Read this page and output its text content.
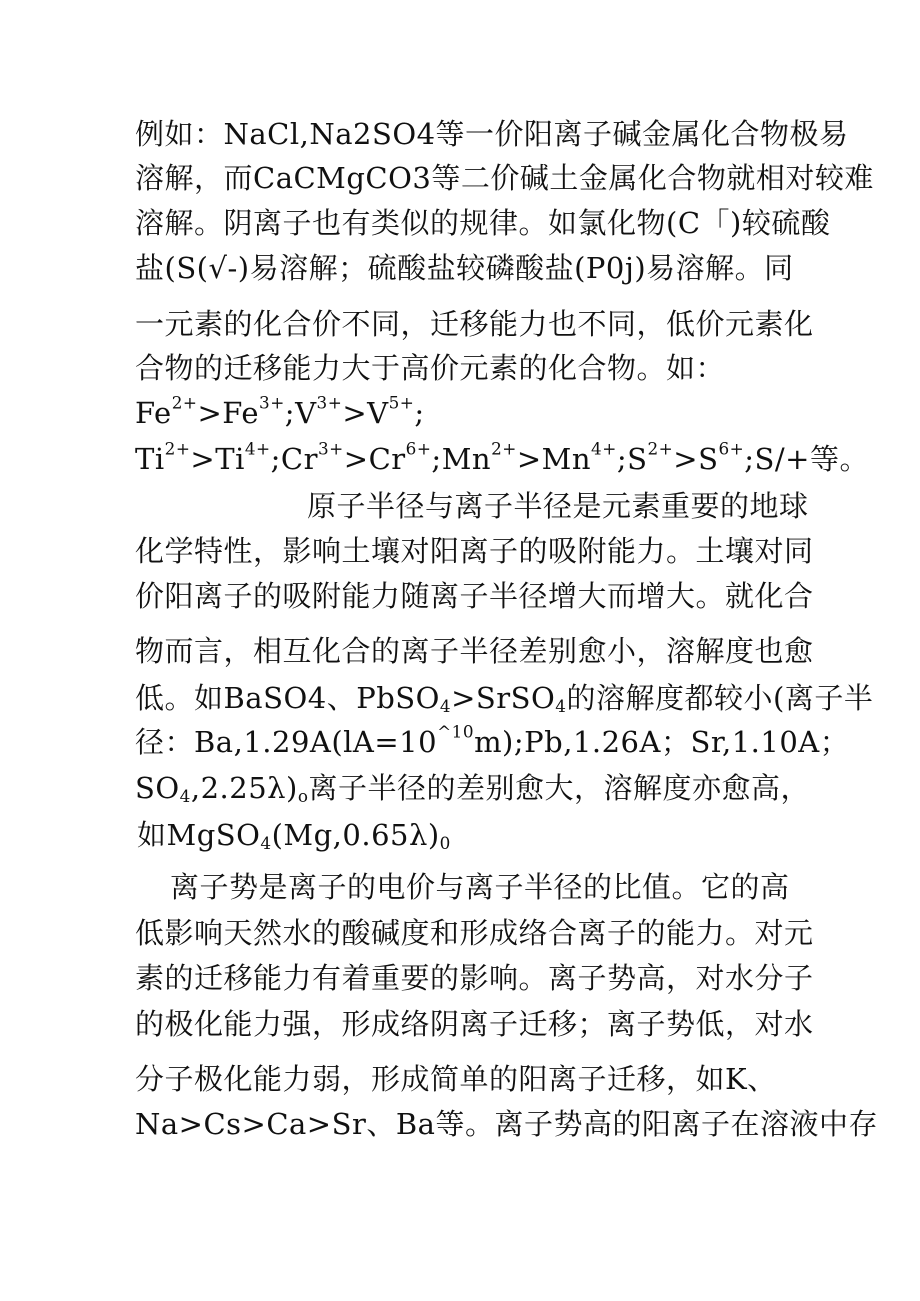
例如：NaCl,Na2SO4等一价阳离子碱金属化合物极易
溶解，而CaCMgCO3等二价碱土金属化合物就相对较难
溶解。阴离子也有类似的规律。如氯化物(C「)较硫酸
盐(S(√-)易溶解；硫酸盐较磷酸盐(P0j)易溶解。同
一元素的化合价不同，迁移能力也不同，低价元素化
合物的迁移能力大于高价元素的化合物。如：
$Fe^{2+}>Fe^{3+};V^{3+}>V^{5+}$;
$Ti^{2+}>Ti^{4+};Cr^{3+}>Cr^{6+};Mn^{2+}>Mn^{4+};S^{2+}>S^{6+};S/+$等。
原子半径与离子半径是元素重要的地球
化学特性，影响土壤对阳离子的吸附能力。土壤对同
价阳离子的吸附能力随离子半径增大而增大。就化合
物而言，相互化合的离子半径差别愈小，溶解度也愈
低。如BaSO4、PbSO$_4$>SrSO$_4$的溶解度都较小(离子半
径：$Ba,1.29A(lA=10^{\^{}10}m);Pb,1.26A$；Sr,1.10A；
$SO_4,2.25\lambda)_o$离子半径的差别愈大，溶解度亦愈高，
如$MgSO_4(Mg,0.65\lambda)_0$
离子势是离子的电价与离子半径的比值。它的高
低影响天然水的酸碱度和形成络合离子的能力。对元
素的迁移能力有着重要的影响。离子势高，对水分子
的极化能力强，形成络阴离子迁移；离子势低，对水
分子极化能力弱，形成简单的阳离子迁移，如K、
Na>Cs>Ca>Sr、Ba等。离子势高的阳离子在溶液中存
